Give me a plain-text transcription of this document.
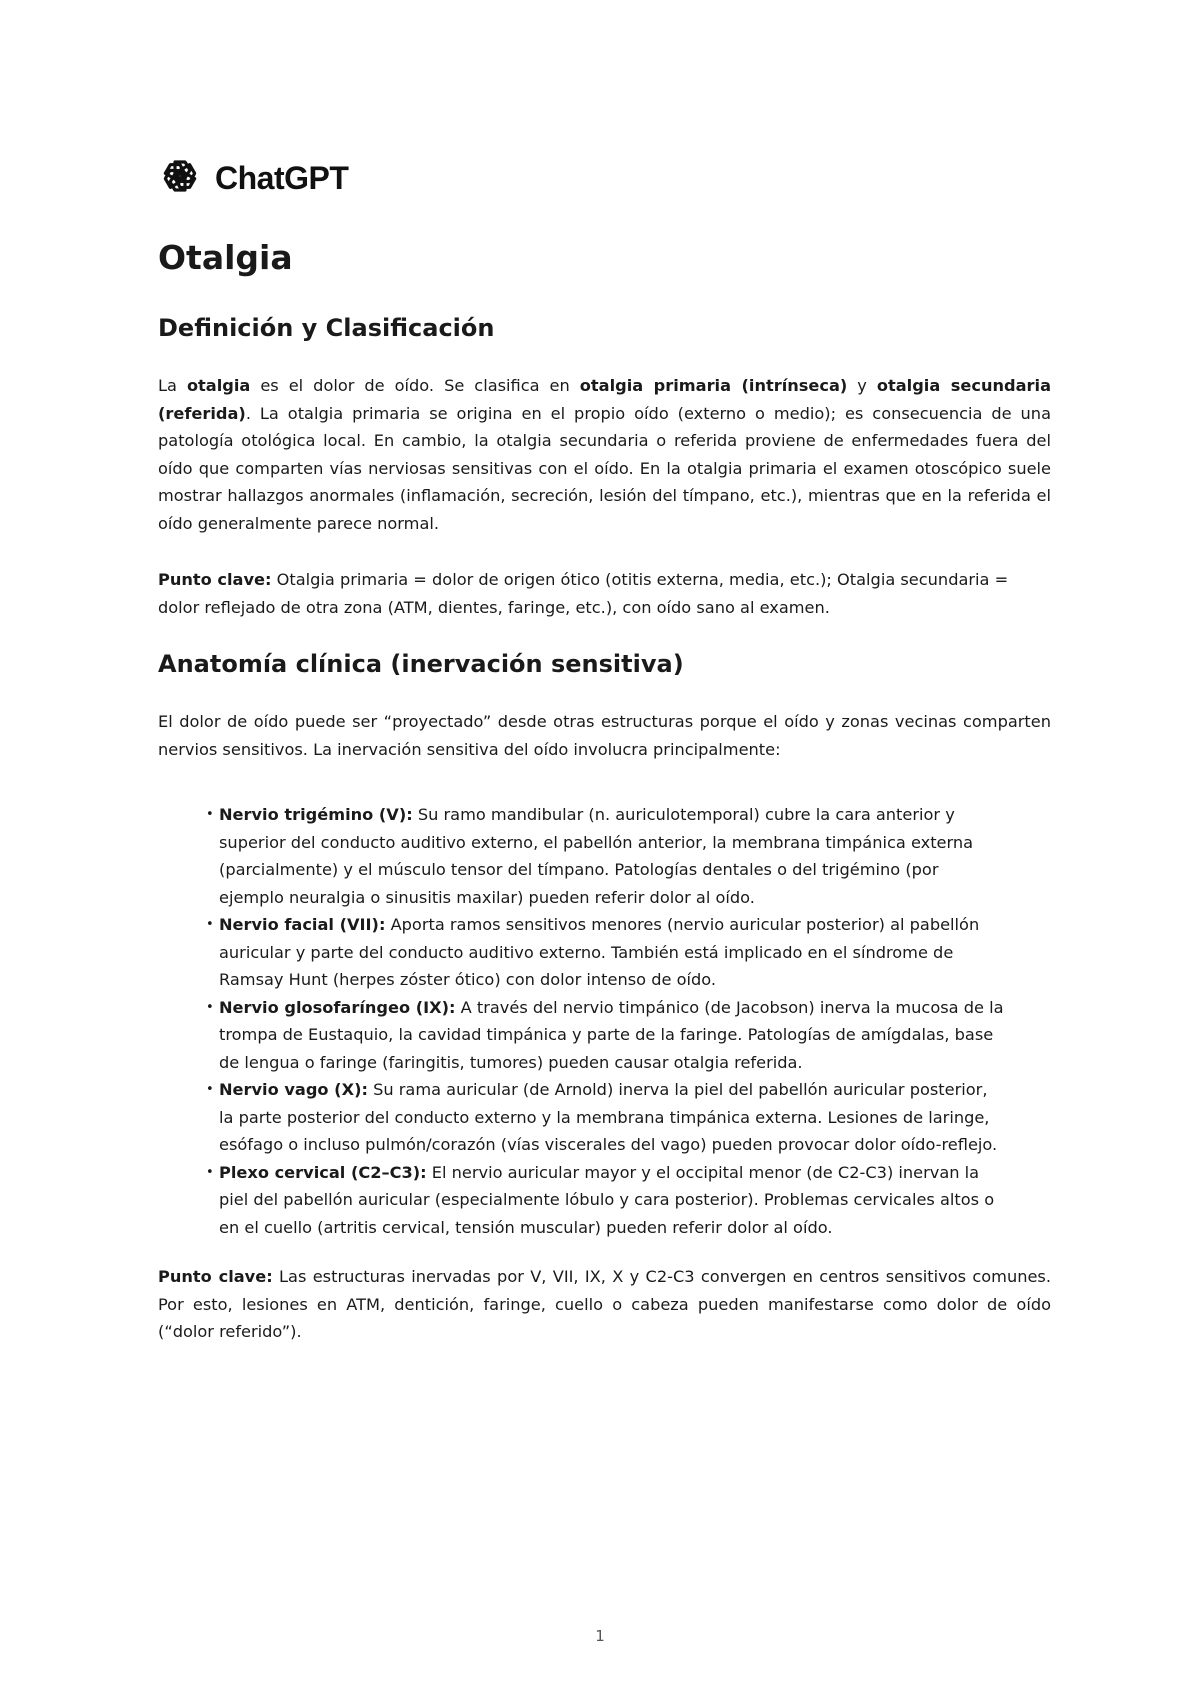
ChatGPT
Otalgia
Definición y Clasificación

La otalgia es el dolor de oído. Se clasifica en otalgia primaria (intrínseca) y otalgia secundaria (referida). La otalgia primaria se origina en el propio oído (externo o medio); es consecuencia de una patología otológica local. En cambio, la otalgia secundaria o referida proviene de enfermedades fuera del oído que comparten vías nerviosas sensitivas con el oído. En la otalgia primaria el examen otoscópico suele mostrar hallazgos anormales (inflamación, secreción, lesión del tímpano, etc.), mientras que en la referida el oído generalmente parece normal.

Punto clave: Otalgia primaria = dolor de origen ótico (otitis externa, media, etc.); Otalgia secundaria = dolor reflejado de otra zona (ATM, dientes, faringe, etc.), con oído sano al examen.

Anatomía clínica (inervación sensitiva)

El dolor de oído puede ser “proyectado” desde otras estructuras porque el oído y zonas vecinas comparten nervios sensitivos. La inervación sensitiva del oído involucra principalmente:

• Nervio trigémino (V): Su ramo mandibular (n. auriculotemporal) cubre la cara anterior y superior del conducto auditivo externo, el pabellón anterior, la membrana timpánica externa (parcialmente) y el músculo tensor del tímpano. Patologías dentales o del trigémino (por ejemplo neuralgia o sinusitis maxilar) pueden referir dolor al oído.
• Nervio facial (VII): Aporta ramos sensitivos menores (nervio auricular posterior) al pabellón auricular y parte del conducto auditivo externo. También está implicado en el síndrome de Ramsay Hunt (herpes zóster ótico) con dolor intenso de oído.
• Nervio glosofaríngeo (IX): A través del nervio timpánico (de Jacobson) inerva la mucosa de la trompa de Eustaquio, la cavidad timpánica y parte de la faringe. Patologías de amígdalas, base de lengua o faringe (faringitis, tumores) pueden causar otalgia referida.
• Nervio vago (X): Su rama auricular (de Arnold) inerva la piel del pabellón auricular posterior, la parte posterior del conducto externo y la membrana timpánica externa. Lesiones de laringe, esófago o incluso pulmón/corazón (vías viscerales del vago) pueden provocar dolor oído-reflejo.
• Plexo cervical (C2–C3): El nervio auricular mayor y el occipital menor (de C2-C3) inervan la piel del pabellón auricular (especialmente lóbulo y cara posterior). Problemas cervicales altos o en el cuello (artritis cervical, tensión muscular) pueden referir dolor al oído.

Punto clave: Las estructuras inervadas por V, VII, IX, X y C2-C3 convergen en centros sensitivos comunes. Por esto, lesiones en ATM, dentición, faringe, cuello o cabeza pueden manifestarse como dolor de oído (“dolor referido”).

1
